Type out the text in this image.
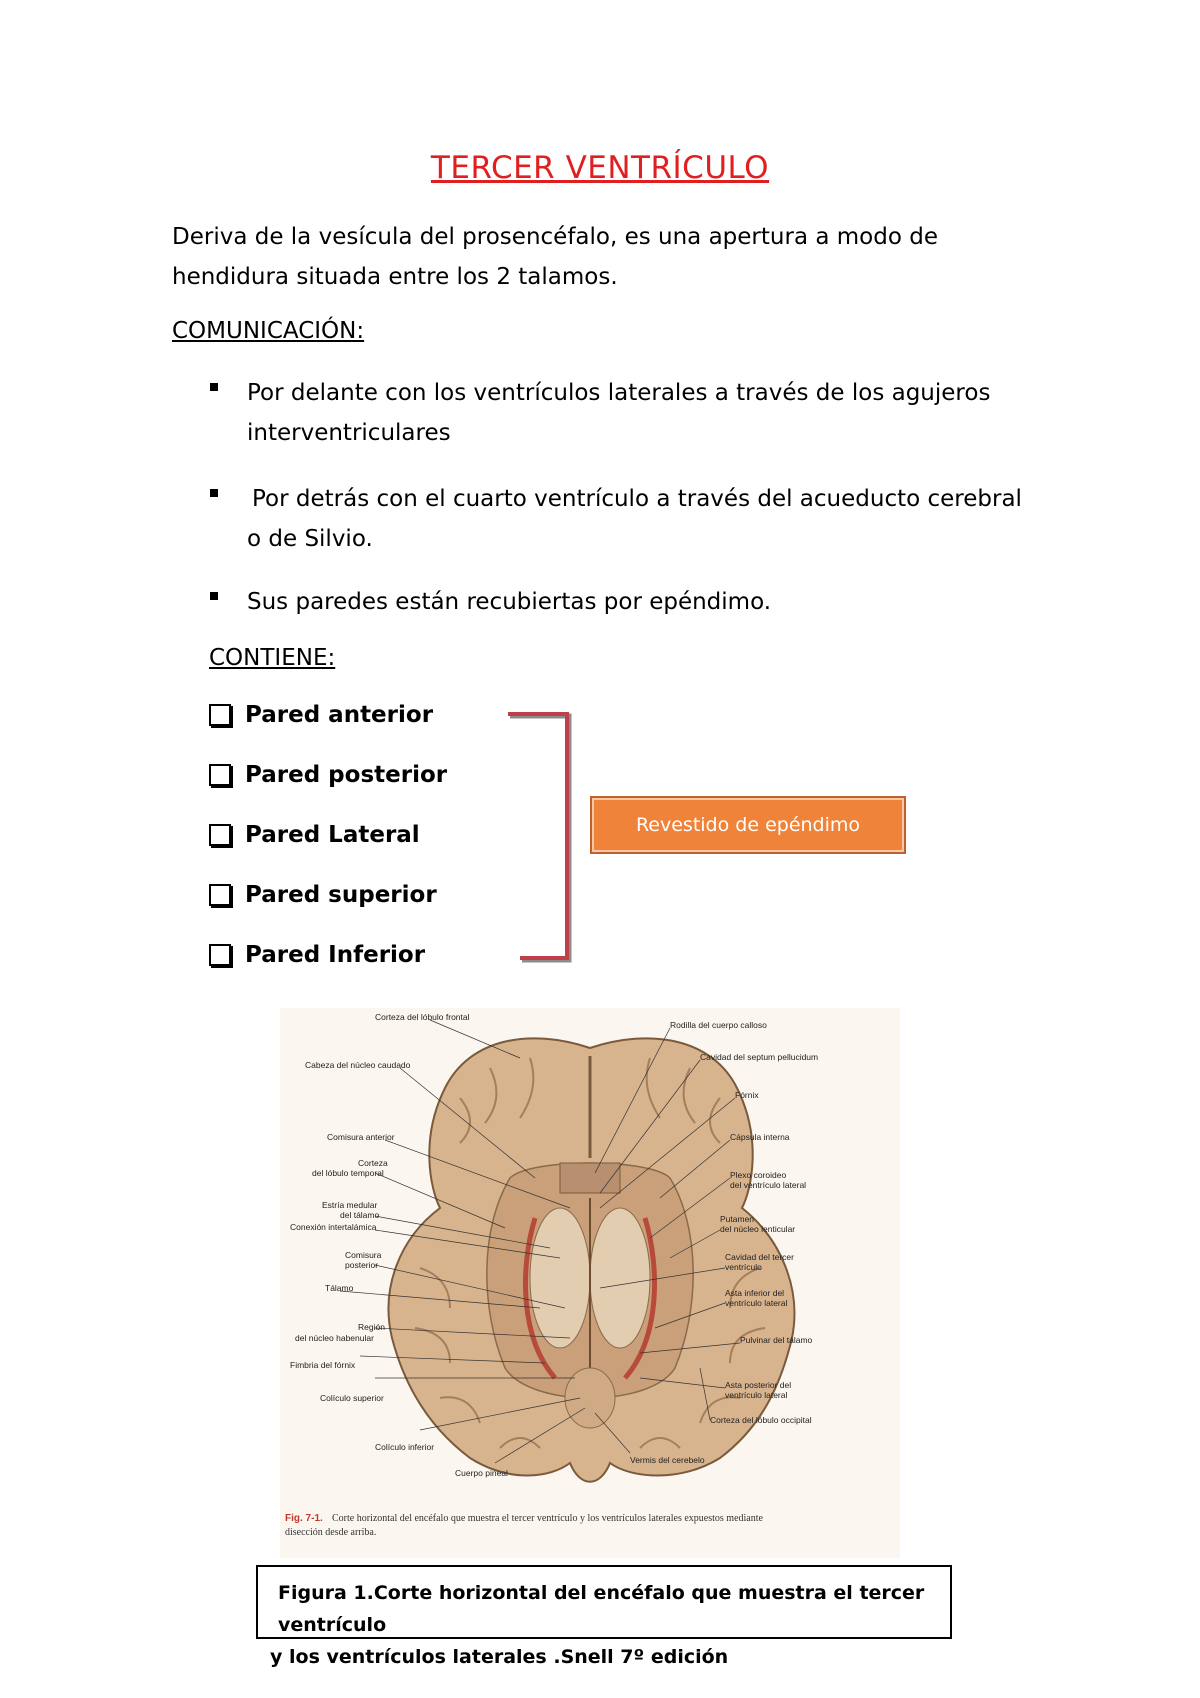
TERCER VENTRÍCULO
Deriva de la vesícula del prosencéfalo, es una apertura a modo de
hendidura situada entre los 2 talamos.
COMUNICACIÓN:
Por delante con los ventrículos laterales a través de los agujeros
interventriculares
Por detrás con el cuarto ventrículo a través del acueducto cerebral
o de Silvio.
Sus paredes están recubiertas por epéndimo.
CONTIENE:
Pared anterior
Pared posterior
Pared Lateral
Pared superior
Pared Inferior
Revestido de epéndimo
Corteza del lóbulo frontal
Cabeza del núcleo caudado
Comisura anterior
Corteza
del lóbulo temporal
Estría medular
del tálamo
Conexión intertalámica
Comisura
posterior
Tálamo
Región
del núcleo habenular
Fimbria del fórnix
Colículo superior
Colículo inferior
Cuerpo pineal
Rodilla del cuerpo calloso
Cavidad del septum pellucidum
Fórnix
Cápsula interna
Plexo coroideo
del ventrículo lateral
Putamen
del núcleo lenticular
Cavidad del tercer
ventrículo
Asta inferior del
ventrículo lateral
Pulvinar del tálamo
Asta posterior del
ventrículo lateral
Corteza del lóbulo occipital
Vermis del cerebelo
Fig. 7-1. Corte horizontal del encéfalo que muestra el tercer ventrículo y los ventrículos laterales expuestos mediante
disección desde arriba.
Figura 1.Corte horizontal del encéfalo que muestra el tercer ventrículo
y los ventrículos laterales .Snell 7º edición
